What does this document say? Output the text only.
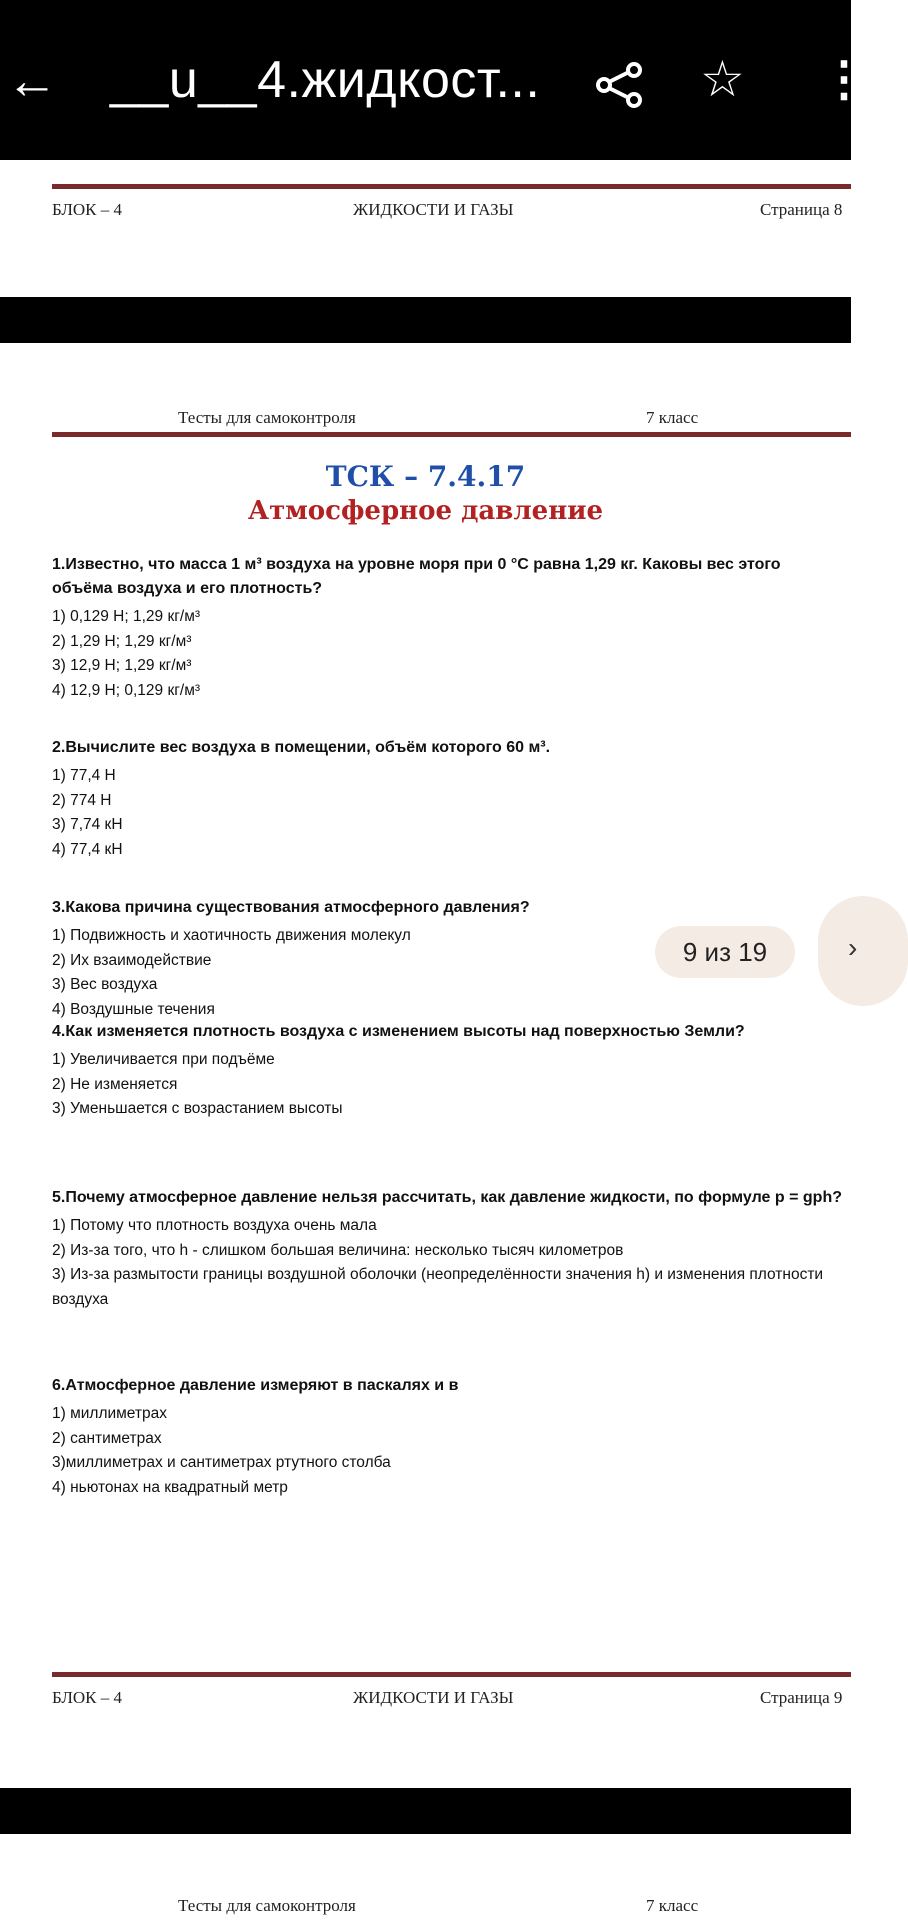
← __u__4.жидкост...	☆ ⋮
БЛОК – 4	ЖИДКОСТИ И ГАЗЫ	Страница 8
Тесты для самоконтроля	7 класс
ТСК – 7.4.17
Атмосферное давление

1.Известно, что масса 1 м³ воздуха на уровне моря при 0 °С равна 1,29 кг. Каковы вес этого объёма воздуха и его плотность?

1) 0,129 Н; 1,29 кг/м³

2) 1,29 Н; 1,29 кг/м³

3) 12,9 Н; 1,29 кг/м³

4) 12,9 Н; 0,129 кг/м³

2.Вычислите вес воздуха в помещении, объём которого 60 м³.

1) 77,4 Н

2) 774 Н

3) 7,74 кН

4) 77,4 кН

3.Какова причина существования атмосферного давления?

1) Подвижность и хаотичность движения молекул

2) Их взаимодействие

3) Вес воздуха

4) Воздушные течения

4.Как изменяется плотность воздуха с изменением высоты над поверхностью Земли?

1) Увеличивается при подъёме

2) Не изменяется

3) Уменьшается с возрастанием высоты

5.Почему атмосферное давление нельзя рассчитать, как давление жидкости, по формуле p = gph?

1) Потому что плотность воздуха очень мала

2) Из-за того, что h - слишком большая величина: несколько тысяч километров

3) Из-за размытости границы воздушной оболочки (неопределённости значения h) и изменения плотности воздуха

6.Атмосферное давление измеряют в паскалях и в

1) миллиметрах

2) сантиметрах

3)миллиметрах и сантиметрах ртутного столба

4) ньютонах на квадратный метр

9 из 19	›
БЛОК – 4	ЖИДКОСТИ И ГАЗЫ	Страница 9
Тесты для самоконтроля	7 класс
